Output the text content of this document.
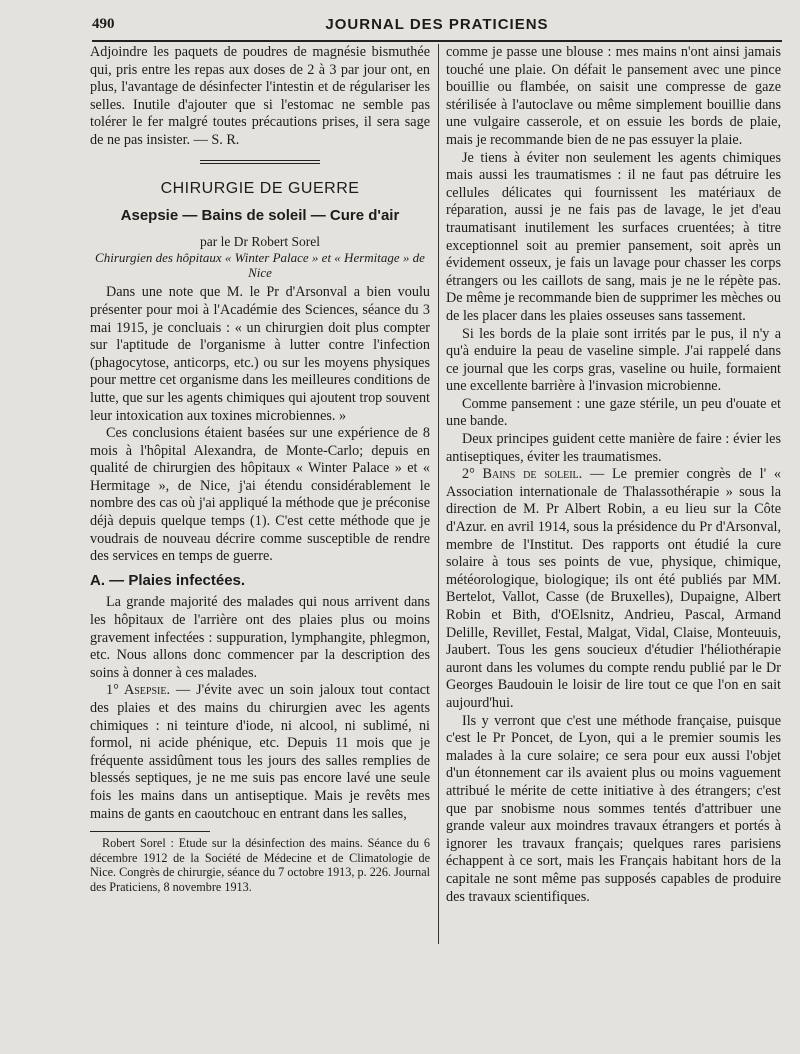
490	JOURNAL DES PRATICIENS

Adjoindre les paquets de poudres de magnésie bismuthée qui, pris entre les repas aux doses de 2 à 3 par jour ont, en plus, l'avantage de désinfecter l'intestin et de régulariser les selles. Inutile d'ajouter que si l'estomac ne semble pas tolérer le fer malgré toutes précautions prises, il sera sage de ne pas insister. — S. R.

CHIRURGIE DE GUERRE
Asepsie — Bains de soleil — Cure d'air
par le Dr Robert Sorel
Chirurgien des hôpitaux « Winter Palace » et « Hermitage » de Nice

Dans une note que M. le Pr d'Arsonval a bien voulu présenter pour moi à l'Académie des Sciences, séance du 3 mai 1915, je concluais : « un chirurgien doit plus compter sur l'aptitude de l'organisme à lutter contre l'infection (phagocytose, anticorps, etc.) ou sur les moyens physiques pour mettre cet organisme dans les meilleures conditions de lutte, que sur les agents chimiques qui ajoutent trop souvent leur intoxication aux toxines microbiennes. »

Ces conclusions étaient basées sur une expérience de 8 mois à l'hôpital Alexandra, de Monte-Carlo; depuis en qualité de chirurgien des hôpitaux « Winter Palace » et « Hermitage », de Nice, j'ai étendu considérablement le nombre des cas où j'ai appliqué la méthode que je préconise déjà depuis quelque temps (1). C'est cette méthode que je voudrais de nouveau décrire comme susceptible de rendre des services en temps de guerre.

A. — Plaies infectées.

La grande majorité des malades qui nous arrivent dans les hôpitaux de l'arrière ont des plaies plus ou moins gravement infectées : suppuration, lymphangite, phlegmon, etc. Nous allons donc commencer par la description des soins à donner à ces malades.

1° Asepsie. — J'évite avec un soin jaloux tout contact des plaies et des mains du chirurgien avec les agents chimiques : ni teinture d'iode, ni alcool, ni sublimé, ni formol, ni acide phénique, etc. Depuis 11 mois que je fréquente assidûment tous les jours des salles remplies de blessés septiques, je ne me suis pas encore lavé une seule fois les mains dans un antiseptique. Mais je revêts mes mains de gants en caoutchouc en entrant dans les salles,

Robert Sorel : Etude sur la désinfection des mains. Séance du 6 décembre 1912 de la Société de Médecine et de Climatologie de Nice. Congrès de chirurgie, séance du 7 octobre 1913, p. 226. Journal des Praticiens, 8 novembre 1913.

comme je passe une blouse : mes mains n'ont ainsi jamais touché une plaie. On défait le pansement avec une pince bouillie ou flambée, on saisit une compresse de gaze stérilisée à l'autoclave ou même simplement bouillie dans une vulgaire casserole, et on essuie les bords de plaie, mais je recommande bien de ne pas essuyer la plaie.

Je tiens à éviter non seulement les agents chimiques mais aussi les traumatismes : il ne faut pas détruire les cellules délicates qui fournissent les matériaux de réparation, aussi je ne fais pas de lavage, le jet d'eau traumatisant inutilement les surfaces cruentées; à titre exceptionnel soit au premier pansement, soit après un évidement osseux, je fais un lavage pour chasser les corps étrangers ou les caillots de sang, mais je ne le répète pas. De même je recommande bien de supprimer les mèches ou de les placer dans les plaies osseuses sans tassement.

Si les bords de la plaie sont irrités par le pus, il n'y a qu'à enduire la peau de vaseline simple. J'ai rappelé dans ce journal que les corps gras, vaseline ou huile, formaient une excellente barrière à l'invasion microbienne.

Comme pansement : une gaze stérile, un peu d'ouate et une bande.

Deux principes guident cette manière de faire : évier les antiseptiques, éviter les traumatismes.

2° Bains de soleil. — Le premier congrès de l' « Association internationale de Thalassothérapie » sous la direction de M. Pr Albert Robin, a eu lieu sur la Côte d'Azur. en avril 1914, sous la présidence du Pr d'Arsonval, membre de l'Institut. Des rapports ont étudié la cure solaire à tous ses points de vue, physique, chimique, météorologique, biologique; ils ont été publiés par MM. Bertelot, Vallot, Casse (de Bruxelles), Dupaigne, Albert Robin et Bith, d'OElsnitz, Andrieu, Pascal, Armand Delille, Revillet, Festal, Malgat, Vidal, Claise, Monteuuis, Jaubert. Tous les gens soucieux d'étudier l'héliothérapie auront dans les volumes du compte rendu publié par le Dr Georges Baudouin le loisir de lire tout ce que l'on en sait aujourd'hui.

Ils y verront que c'est une méthode française, puisque c'est le Pr Poncet, de Lyon, qui a le premier soumis les malades à la cure solaire; ce sera pour eux aussi l'objet d'un étonnement car ils avaient plus ou moins vaguement attribué le mérite de cette initiative à des étrangers; c'est que par snobisme nous sommes tentés d'attribuer une grande valeur aux moindres travaux étrangers et portés à ignorer les travaux français; quelques rares parisiens échappent à ce sort, mais les Français habitant hors de la capitale ne sont même pas supposés capables de produire des travaux scientifiques.
